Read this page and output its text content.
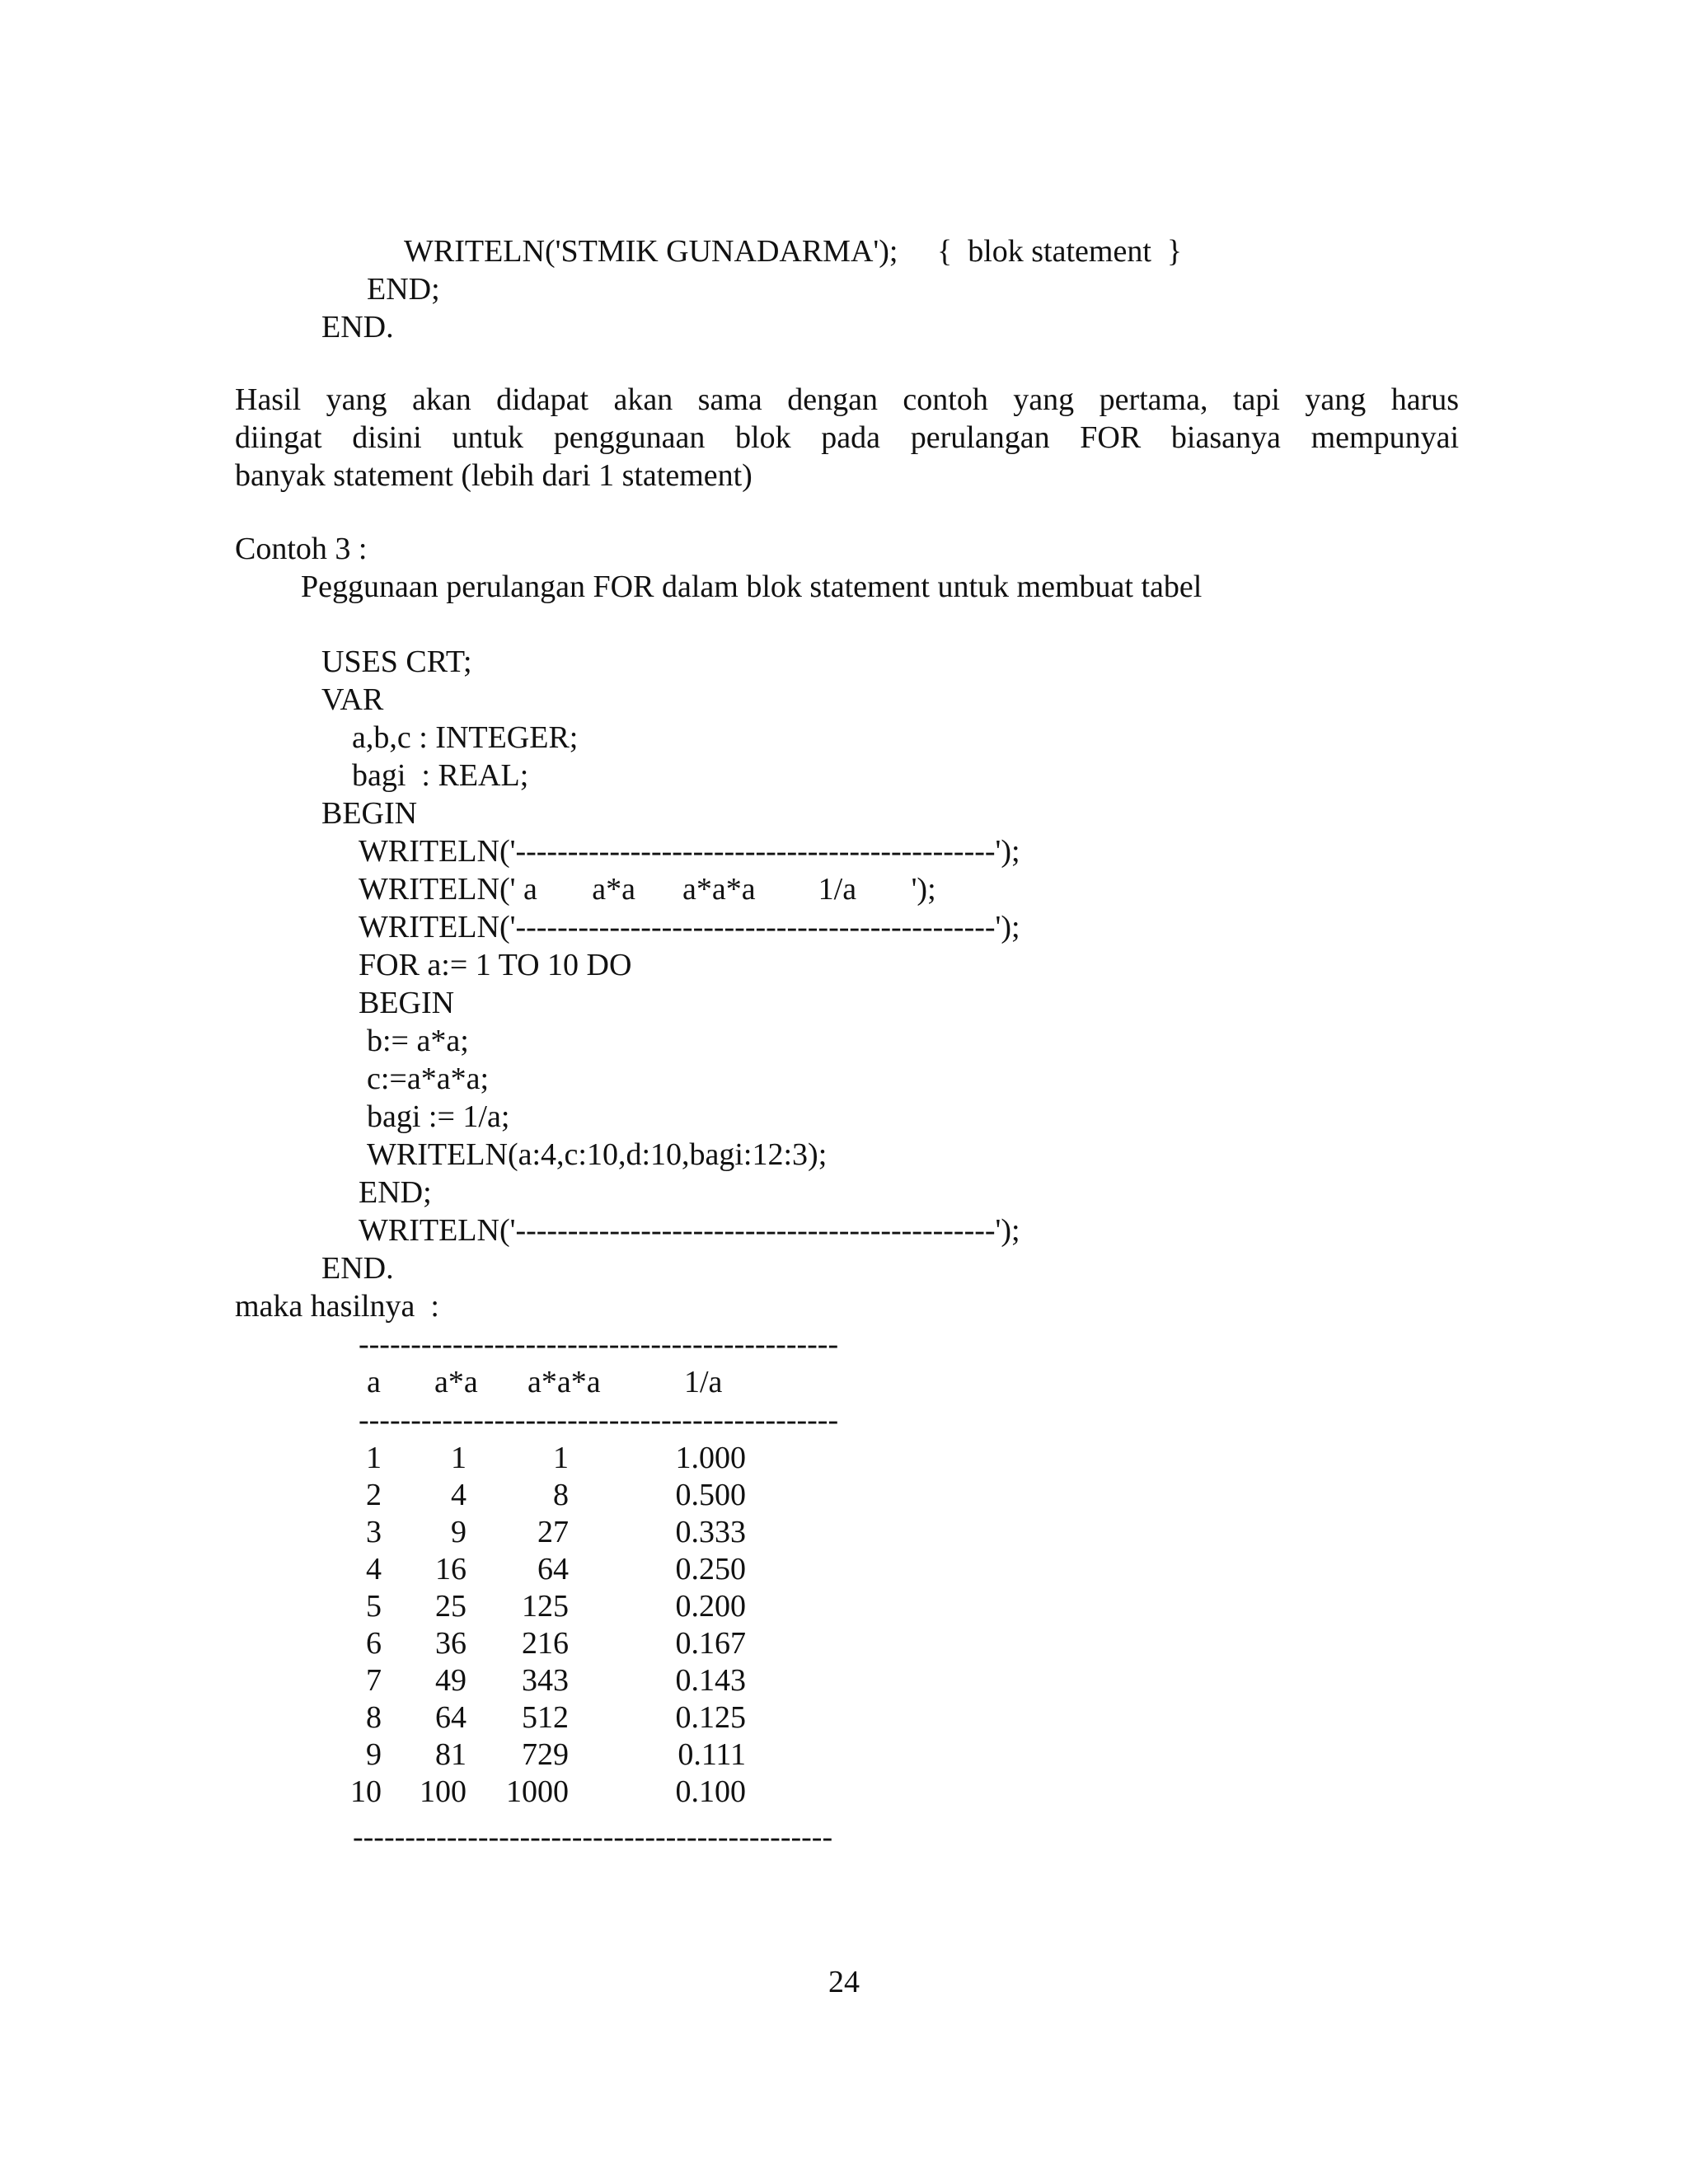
WRITELN('STMIK GUNADARMA');     {  blok statement  }
END;
END.
Hasil yang akan didapat akan sama dengan contoh yang pertama, tapi yang harus
diingat disini untuk penggunaan blok pada perulangan FOR biasanya mempunyai
banyak statement (lebih dari 1 statement)
Contoh 3 :
Peggunaan perulangan FOR dalam blok statement untuk membuat tabel
USES CRT;
VAR
a,b,c : INTEGER;
bagi  : REAL;
BEGIN
WRITELN('----------------------------------------------');
WRITELN(' a       a*a      a*a*a        1/a       ');
WRITELN('----------------------------------------------');
FOR a:= 1 TO 10 DO
BEGIN
b:= a*a;
c:=a*a*a;
bagi := 1/a;
WRITELN(a:4,c:10,d:10,bagi:12:3);
END;
WRITELN('----------------------------------------------');
END.
maka hasilnya  :
----------------------------------------------
a a*a a*a*a	1/a
----------------------------------------------
1 1	1	1.000
2 4	8	0.500
3 9 27	0.333
4 16 64	0.250
5 25 125	0.200
6 36 216	0.167
7 49 343	0.143
8 64 512	0.125
9 81 729	0.111
10 100 1000	0.100
----------------------------------------------
24
